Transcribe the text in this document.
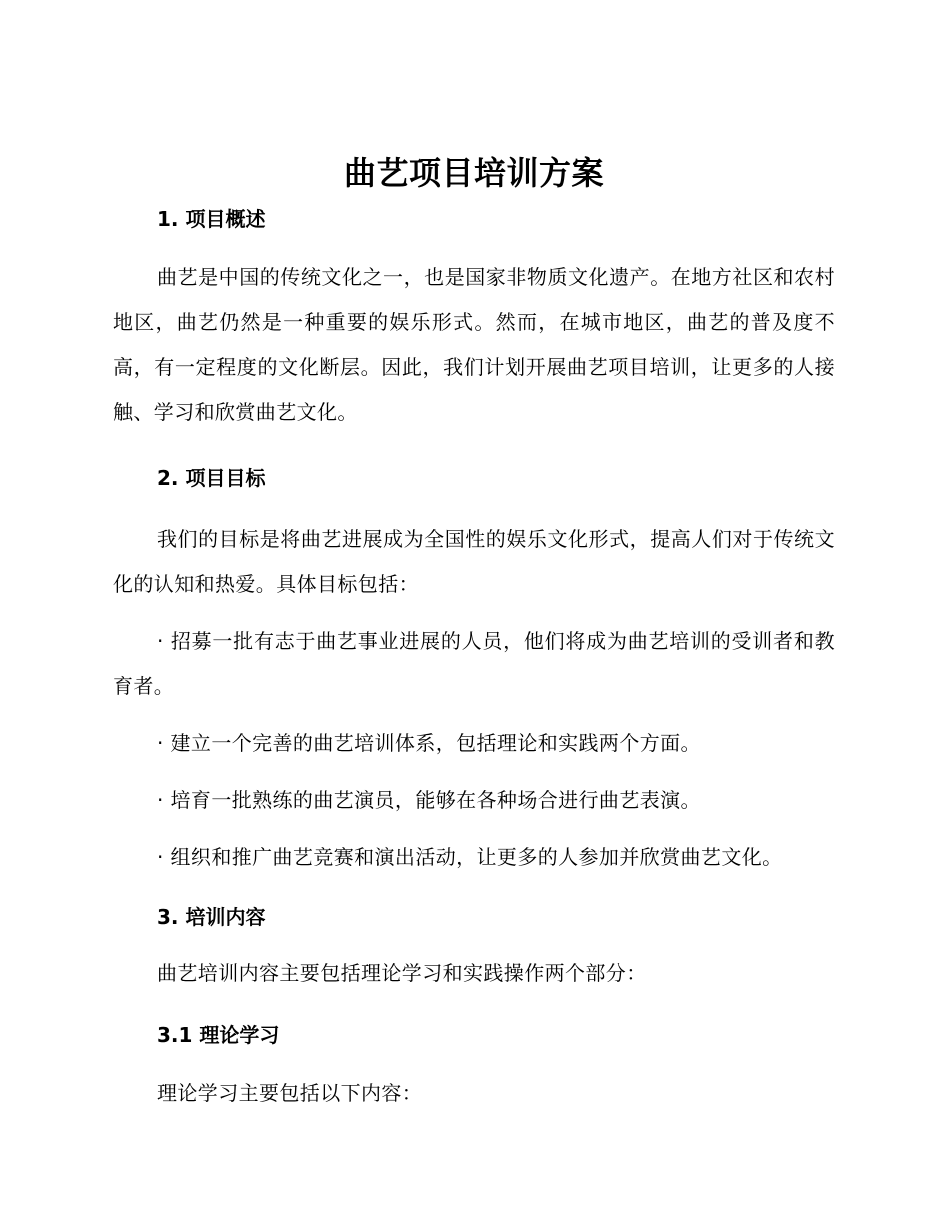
曲艺项目培训方案
1. 项目概述

曲艺是中国的传统文化之一，也是国家非物质文化遗产。在地方社区和农村地区，曲艺仍然是一种重要的娱乐形式。然而，在城市地区，曲艺的普及度不高，有一定程度的文化断层。因此，我们计划开展曲艺项目培训，让更多的人接触、学习和欣赏曲艺文化。

2. 项目目标

我们的目标是将曲艺进展成为全国性的娱乐文化形式，提高人们对于传统文化的认知和热爱。具体目标包括：

· 招募一批有志于曲艺事业进展的人员，他们将成为曲艺培训的受训者和教育者。

· 建立一个完善的曲艺培训体系，包括理论和实践两个方面。

· 培育一批熟练的曲艺演员，能够在各种场合进行曲艺表演。

· 组织和推广曲艺竞赛和演出活动，让更多的人参加并欣赏曲艺文化。

3. 培训内容

曲艺培训内容主要包括理论学习和实践操作两个部分：

3.1 理论学习

理论学习主要包括以下内容：
